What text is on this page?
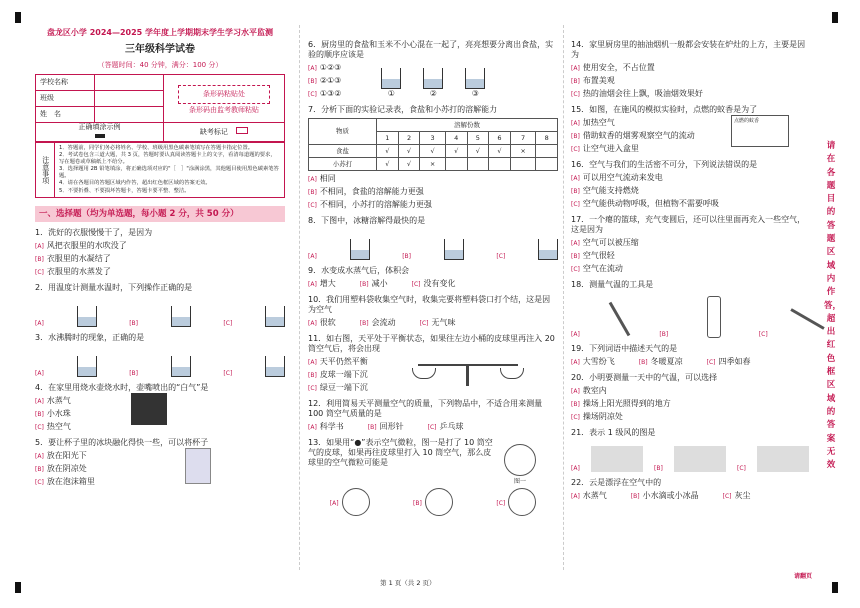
盘龙区小学 2024—2025 学年度上学期期末学生学习水平监测
三年级科学试卷
（答题时间：40 分钟，满分：100 分）
学校名称		条形码粘贴处
条形码由监考教师粘贴

班级		
姓　名		
正确填涂示例		缺考标记
注意事项
1．答题前，同学们务必将姓名、学校、班级用黑色碳素笔填写在答题卡指定位置。
2．考试卷包含三道大题，共 3 页，答题时要认真阅读答题卡上的文字，看清每道题的要求，写在题卷或草稿纸上不给分。
3．选择题用 2B 铅笔填涂，将正确选项对应的"［　］"涂满涂黑，其他题目使用黑色碳素笔答题。
4．请在各题目的答题区域内作答，超出红色框区域的答案无效。
5．不要折叠、不要损坏答题卡，答题卡要平整、整洁。
一、选择题（均为单选题，每小题 2 分，共 50 分）
1．洗好的衣服慢慢干了，是因为
[A] 风把衣服里的水吹没了
[B] 衣服里的水凝结了
[C] 衣服里的水蒸发了
2．用温度计测量水温时，下列操作正确的是
[A]	[B]	[C]
3．水沸腾时的现象，正确的是
[A]	[B]	[C]
4．在家里用烧水壶烧水时，壶嘴喷出的“白气”是
[A] 水蒸气
[B] 小水珠
[C] 热空气
5．要让杯子里的冰块融化得快一些，可以将杯子
[A] 放在阳光下
[B] 放在阴凉处
[C] 放在泡沫箱里
6．厨房里的食盐和玉米不小心混在一起了，亮亮想要分离出食盐，实验的顺序应该是
[A] ①②③
[B] ②①③
[C] ①③②	①	②	③
7．分析下面的实验记录表，食盐和小苏打的溶解能力
物质	溶解份数							
	1	2	3	4	5	6	7	8
食盐	√	√	√	√	√	√	×	
小苏打	√	√	×					
[A] 相同
[B] 不相同，食盐的溶解能力更强
[C] 不相同，小苏打的溶解能力更强
8．下图中，冰糖溶解得最快的是
[A]	[B]	[C]
9．水变成水蒸气后，体积会
[A] 增大	[B] 减小	[C] 没有变化
10．我们用塑料袋收集空气时，收集完要将塑料袋口打个结，这是因为空气
[A] 很软	[B] 会流动	[C] 无气味
11．如右图，天平处于平衡状态，如果往左边小桶的皮球里再注入 20 筒空气后，将会出现
[A] 天平仍然平衡
[B] 皮球一端下沉
[C] 绿豆一端下沉
12．利用简易天平测量空气的质量，下列物品中，不适合用来测量 100 筒空气质量的是
[A] 科学书	[B] 回形针	[C] 乒乓球
13．如果用“●”表示空气微粒，图一是打了 10 筒空气的皮球，如果再往皮球里打入 10 筒空气，那么皮球里的空气微粒可能是
图一
[A]	[B]	[C]
14．家里厨房里的抽油烟机一般都会安装在炉灶的上方，主要是因为
[A] 使用安全，不占位置
[B] 布置美观
[C] 热的油烟会往上飘，吸油烟效果好
15．如图，在施风的模拟实验时，点燃的蚊香是为了
[A] 加热空气
[B] 借助蚊香的烟雾观察空气的流动
[C] 让空气进入盒里
点燃的蚊香
16．空气与我们的生活密不可分，下列说法错误的是
[A] 可以用空气流动来发电
[B] 空气能支持燃烧
[C] 空气能供动物呼吸，但植物不需要呼吸
17．一个瘪的篮球，充气变圆后，还可以往里面再充入一些空气，这是因为
[A] 空气可以被压缩
[B] 空气很轻
[C] 空气在流动
18．测量气温的工具是
[A]	[B]	[C]
19．下列词语中描述天气的是
[A] 大雪纷飞	[B] 冬暖夏凉	[C] 四季如春
20．小明要测量一天中的气温，可以选择
[A] 教室内
[B] 操场上阳光照得到的地方
[C] 操场阴凉处
21．表示 1 级风的图是
[A]	[B]	[C]
22．云是漂浮在空气中的
[A] 水蒸气	[B] 小水滴或小冰晶	[C] 灰尘
请在各题目的答题区域内作答，超出红色框区域的答案无效
第 1 页（共 2 页）
请翻页
